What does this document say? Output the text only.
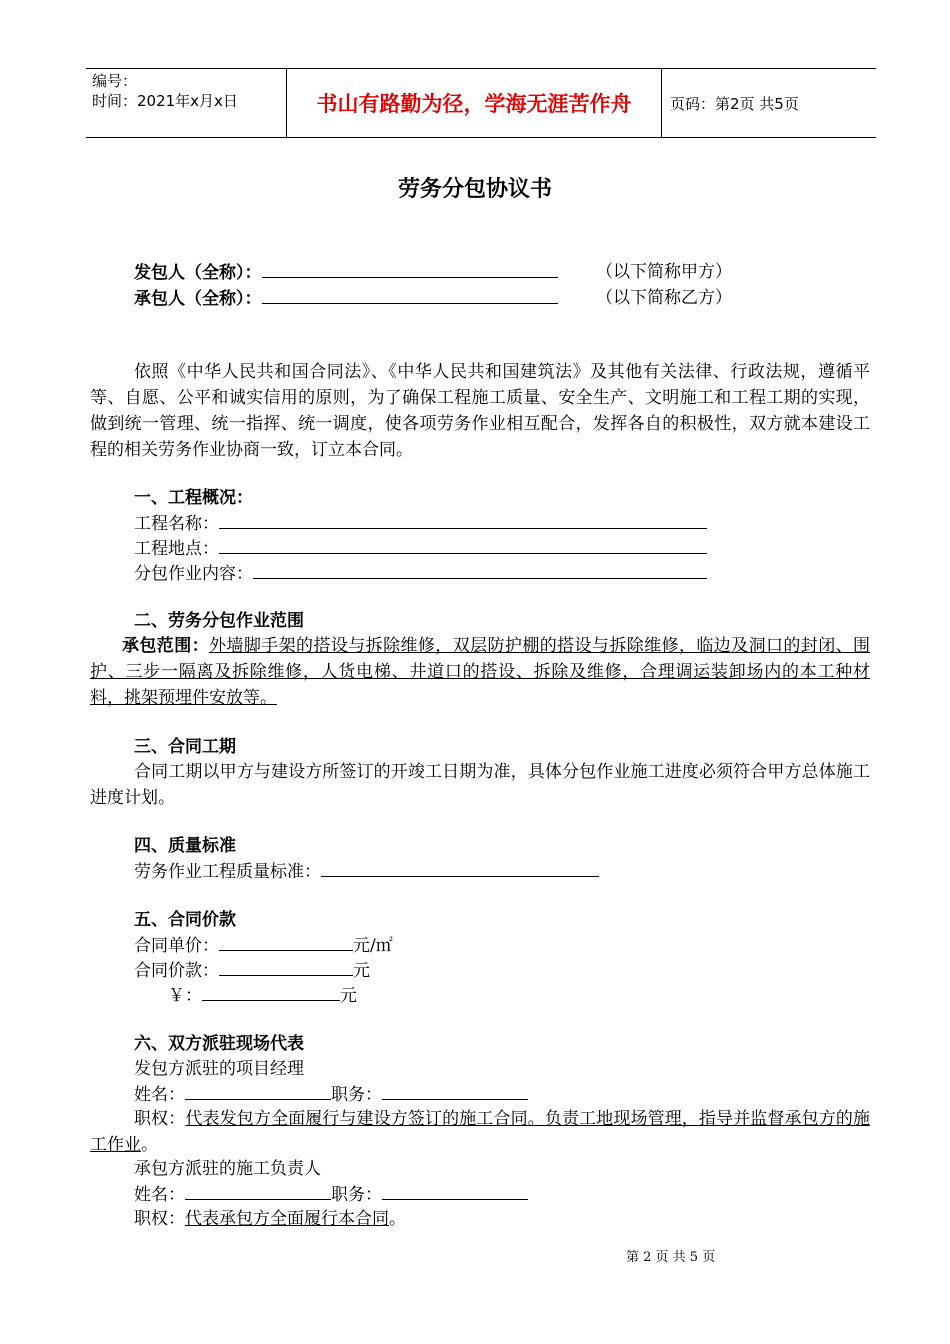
编号：
时间：2021年x月x日	书山有路勤为径，学海无涯苦作舟	页码：第2页 共5页
劳务分包协议书
发包人（全称）：	（以下简称甲方）
承包人（全称）：	（以下简称乙方）
依照《中华人民共和国合同法》、《中华人民共和国建筑法》及其他有关法律、行政法规，遵循平等、自愿、公平和诚实信用的原则，为了确保工程施工质量、安全生产、文明施工和工程工期的实现，做到统一管理、统一指挥、统一调度，使各项劳务作业相互配合，发挥各自的积极性，双方就本建设工程的相关劳务作业协商一致，订立本合同。
一、工程概况：
工程名称：
工程地点：
分包作业内容：
二、劳务分包作业范围
承包范围：外墙脚手架的搭设与拆除维修，双层防护棚的搭设与拆除维修，临边及洞口的封闭、围护、三步一隔离及拆除维修，人货电梯、井道口的搭设、拆除及维修，合理调运装卸场内的本工种材料，挑架预埋件安放等。
三、合同工期
合同工期以甲方与建设方所签订的开竣工日期为准，具体分包作业施工进度必须符合甲方总体施工进度计划。
四、质量标准
劳务作业工程质量标准：
五、合同价款
合同单价：	元/㎡
合同价款：	元
￥：	元
六、双方派驻现场代表
发包方派驻的项目经理
姓名：	职务：
职权：代表发包方全面履行与建设方签订的施工合同。负责工地现场管理，指导并监督承包方的施工作业。
承包方派驻的施工负责人
姓名：	职务：
职权：代表承包方全面履行本合同。
第 2 页 共 5 页
